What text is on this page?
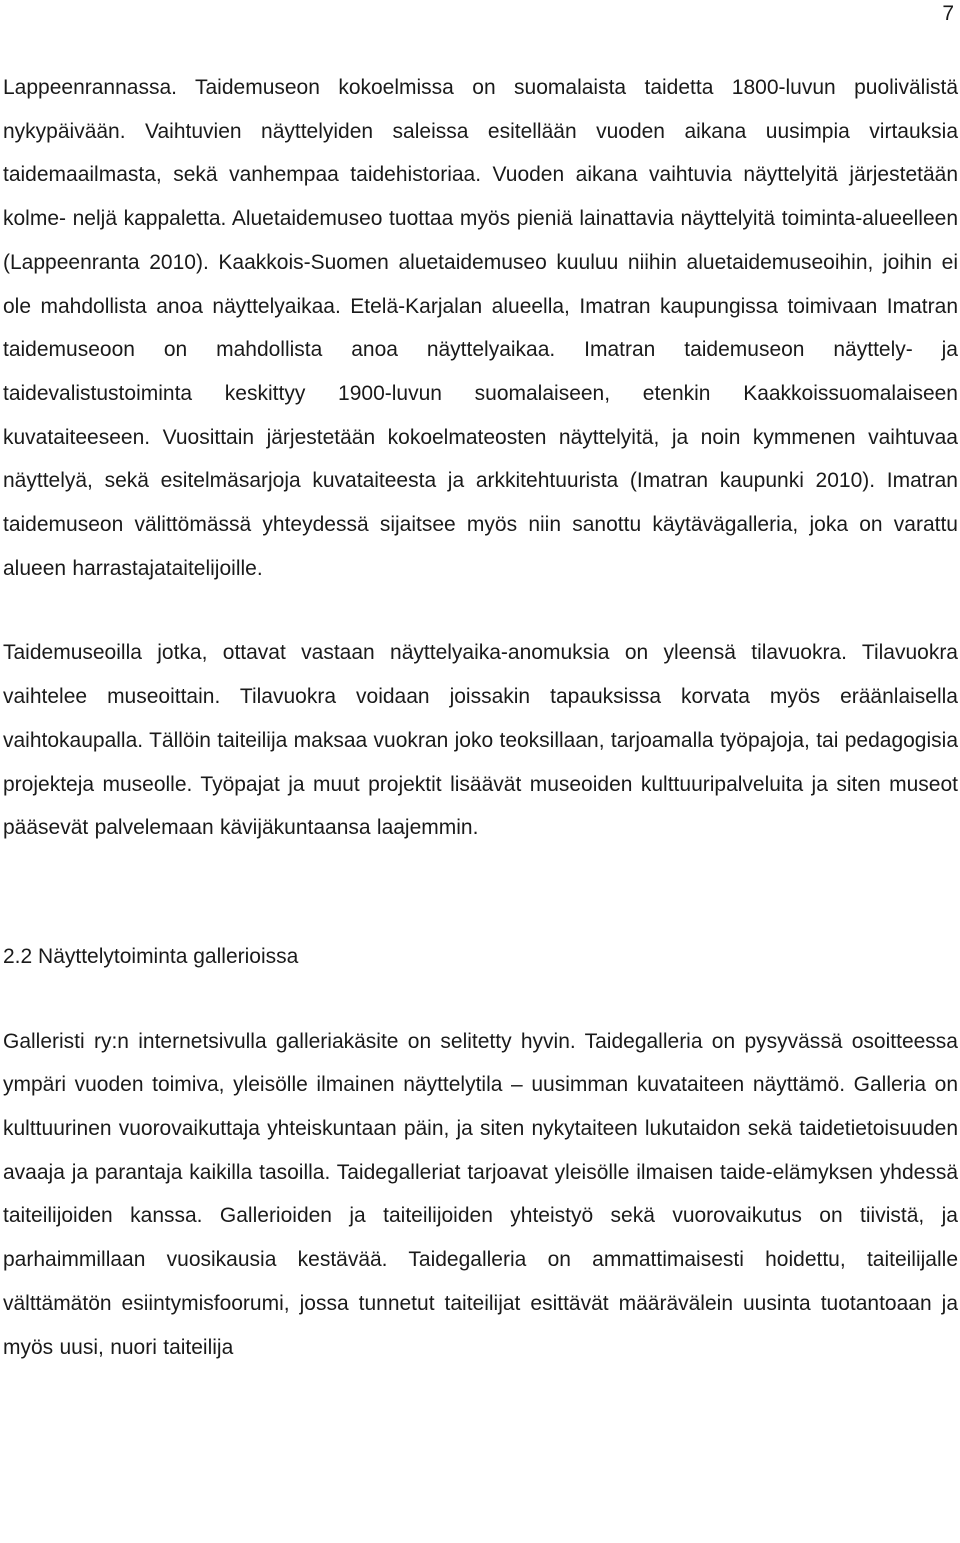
7

Lappeenrannassa. Taidemuseon kokoelmissa on suomalaista taidetta 1800-luvun puolivälistä nykypäivään. Vaihtuvien näyttelyiden saleissa esitellään vuoden aikana uusimpia virtauksia taidemaailmasta, sekä vanhempaa taidehistoriaa. Vuoden aikana vaihtuvia näyttelyitä järjestetään kolme- neljä kappaletta. Aluetaidemuseo tuottaa myös pieniä lainattavia näyttelyitä toiminta-alueelleen (Lappeenranta 2010). Kaakkois-Suomen aluetaidemuseo kuuluu niihin aluetaidemuseoihin, joihin ei ole mahdollista anoa näyttelyaikaa. Etelä-Karjalan alueella, Imatran kaupungissa toimivaan Imatran taidemuseoon on mahdollista anoa näyttelyaikaa. Imatran taidemuseon näyttely- ja taidevalistustoiminta keskittyy 1900-luvun suomalaiseen, etenkin Kaakkoissuomalaiseen kuvataiteeseen. Vuosittain järjestetään kokoelmateosten näyttelyitä, ja noin kymmenen vaihtuvaa näyttelyä, sekä esitelmäsarjoja kuvataiteesta ja arkkitehtuurista (Imatran kaupunki 2010). Imatran taidemuseon välittömässä yhteydessä sijaitsee myös niin sanottu käytävägalleria, joka on varattu alueen harrastajataitelijoille.

Taidemuseoilla jotka, ottavat vastaan näyttelyaika-anomuksia on yleensä tilavuokra. Tilavuokra vaihtelee museoittain. Tilavuokra voidaan joissakin tapauksissa korvata myös eräänlaisella vaihtokaupalla. Tällöin taiteilija maksaa vuokran joko teoksillaan, tarjoamalla työpajoja, tai pedagogisia projekteja museolle. Työpajat ja muut projektit lisäävät museoiden kulttuuripalveluita ja siten museot pääsevät palvelemaan kävijäkuntaansa laajemmin.

2.2 Näyttelytoiminta gallerioissa

Galleristi ry:n internetsivulla galleriakäsite on selitetty hyvin. Taidegalleria on pysyvässä osoitteessa ympäri vuoden toimiva, yleisölle ilmainen näyttelytila – uusimman kuvataiteen näyttämö. Galleria on kulttuurinen vuorovaikuttaja yhteiskuntaan päin, ja siten nykytaiteen lukutaidon sekä taidetietoisuuden avaaja ja parantaja kaikilla tasoilla. Taidegalleriat tarjoavat yleisölle ilmaisen taide-elämyksen yhdessä taiteilijoiden kanssa. Gallerioiden ja taiteilijoiden yhteistyö sekä vuorovaikutus on tiivistä, ja parhaimmillaan vuosikausia kestävää. Taidegalleria on ammattimaisesti hoidettu, taiteilijalle välttämätön esiintymisfoorumi, jossa tunnetut taiteilijat esittävät määrävälein uusinta tuotantoaan ja myös uusi, nuori taiteilija
